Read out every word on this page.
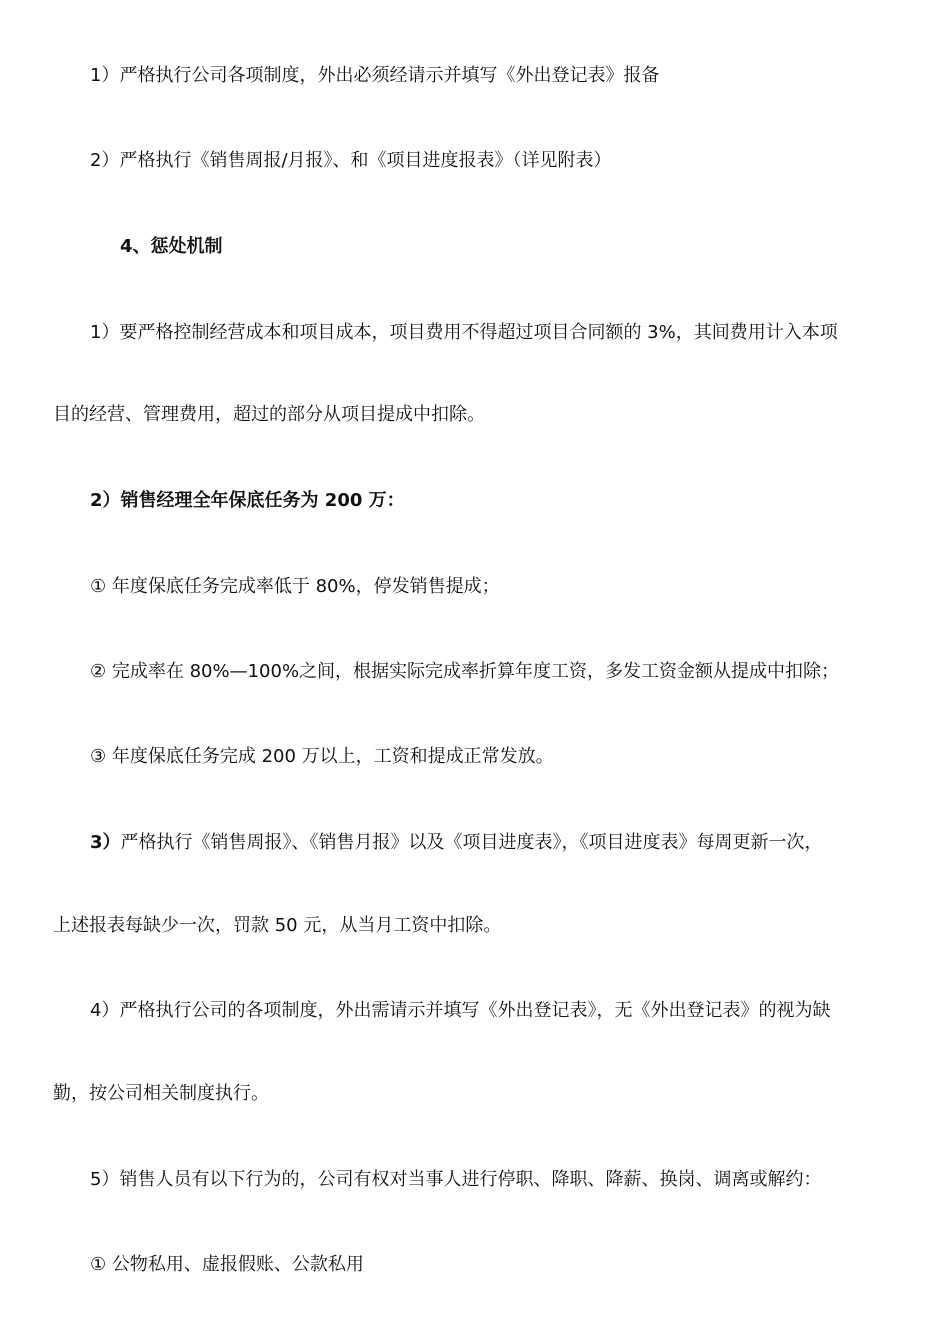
1）严格执行公司各项制度，外出必须经请示并填写《外出登记表》报备
2）严格执行《销售周报/月报》、和《项目进度报表》（详见附表）
4、惩处机制
1）要严格控制经营成本和项目成本，项目费用不得超过项目合同额的 3%，其间费用计入本项
目的经营、管理费用，超过的部分从项目提成中扣除。
2）销售经理全年保底任务为 200 万：
① 年度保底任务完成率低于 80%，停发销售提成；
② 完成率在 80%—100%之间，根据实际完成率折算年度工资，多发工资金额从提成中扣除；
③ 年度保底任务完成 200 万以上，工资和提成正常发放。
3）严格执行《销售周报》、《销售月报》以及《项目进度表》，《项目进度表》每周更新一次，
上述报表每缺少一次，罚款 50 元，从当月工资中扣除。
4）严格执行公司的各项制度，外出需请示并填写《外出登记表》，无《外出登记表》的视为缺
勤，按公司相关制度执行。
5）销售人员有以下行为的，公司有权对当事人进行停职、降职、降薪、换岗、调离或解约：
① 公物私用、虚报假账、公款私用
